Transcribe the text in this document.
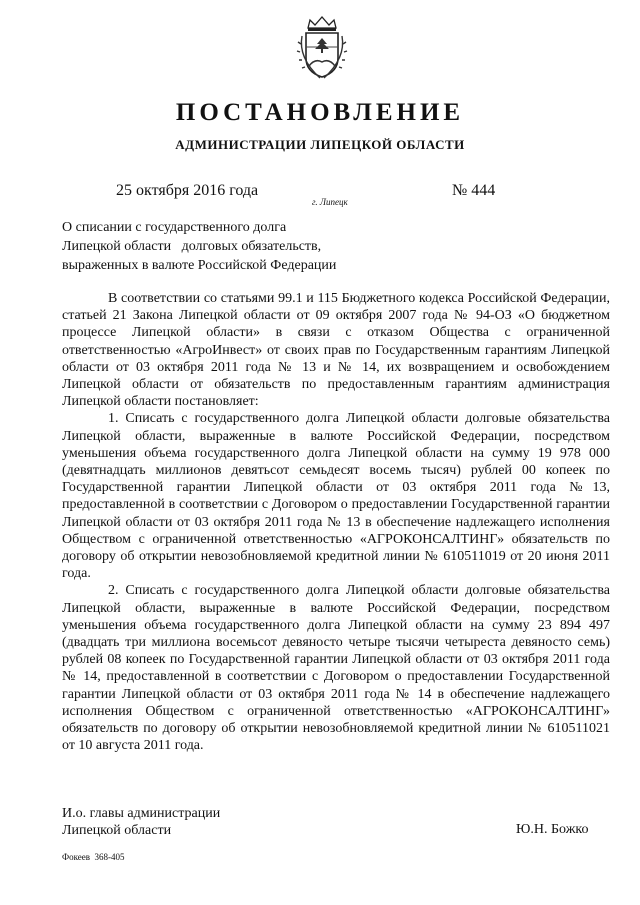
ПОСТАНОВЛЕНИЕ
АДМИНИСТРАЦИИ ЛИПЕЦКОЙ ОБЛАСТИ
25 октября 2016 года
г. Липецк
№ 444
О списании с государственного долга
Липецкой области   долговых обязательств,
выраженных в валюте Российской Федерации

В соответствии со статьями 99.1 и 115 Бюджетного кодекса Российской Федерации, статьей 21 Закона Липецкой области от 09 октября 2007 года № 94-ОЗ «О бюджетном процессе Липецкой области» в связи с отказом Общества с ограниченной ответственностью «АгроИнвест» от своих прав по Государственным гарантиям Липецкой области от 03 октября 2011 года № 13 и № 14, их возвращением и освобождением Липецкой области от обязательств по предоставленным гарантиям администрация Липецкой области постановляет:

1. Списать с государственного долга Липецкой области долговые обязательства Липецкой области, выраженные в валюте Российской Федерации, посредством уменьшения объема государственного долга Липецкой области на сумму 19 978 000 (девятнадцать миллионов девятьсот семьдесят восемь тысяч) рублей 00 копеек по Государственной гарантии Липецкой области от 03 октября 2011 года №13, предоставленной в соответствии с Договором о предоставлении Государственной гарантии Липецкой области от 03 октября 2011 года № 13 в обеспечение надлежащего исполнения Обществом с ограниченной ответственностью «АГРОКОНСАЛТИНГ» обязательств по договору об открытии невозобновляемой кредитной линии № 610511019 от 20 июня 2011 года.

2. Списать с государственного долга Липецкой области долговые обязательства Липецкой области, выраженные в валюте Российской Федерации, посредством уменьшения объема государственного долга Липецкой области на сумму 23 894 497 (двадцать три миллиона восемьсот девяносто четыре тысячи четыреста девяносто семь) рублей 08 копеек по Государственной гарантии Липецкой области от 03 октября 2011 года № 14, предоставленной в соответствии с Договором о предоставлении Государственной гарантии Липецкой области от 03 октября 2011 года № 14 в обеспечение надлежащего исполнения Обществом с ограниченной ответственностью «АГРОКОНСАЛТИНГ» обязательств по договору об открытии невозобновляемой кредитной линии № 610511021 от 10 августа 2011 года.

И.о. главы администрации
Липецкой области	Ю.Н. Божко
Фокеев  368-405
